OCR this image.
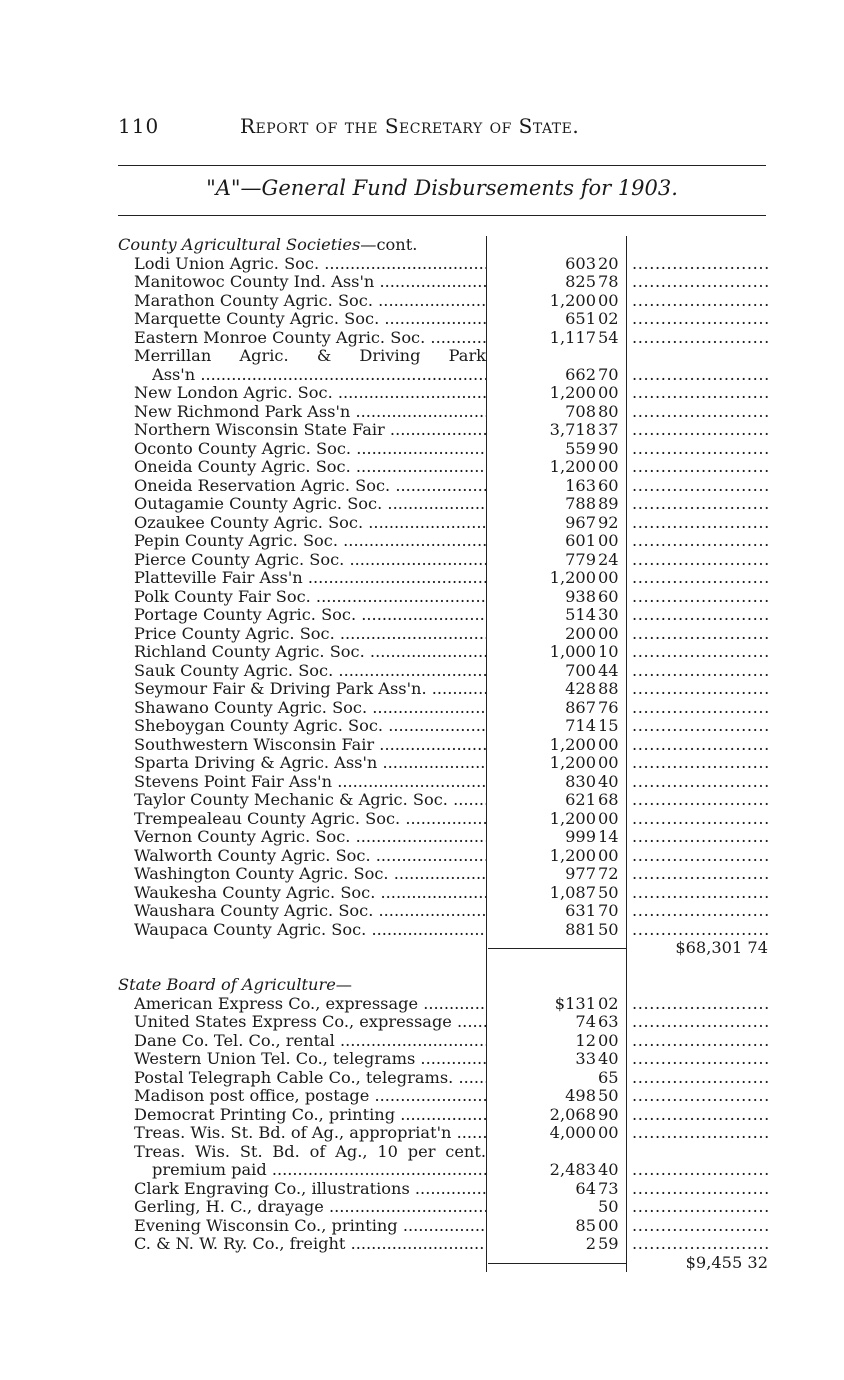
110	Report of the Secretary of State.
"A"—General Fund Disbursements for 1903.
County Agricultural Societies—cont.
Lodi Union Agric. Soc. .....	603 20
.....
Manitowoc County Ind. Ass'n .....	825 78
.....
Marathon County Agric. Soc. .....	1,200 00
.....
Marquette County Agric. Soc. .....	651 02
.....
Eastern Monroe County Agric. Soc. .....	1,117 54
.....
Merrillan Agric. & Driving Park
Ass'n .....	662 70
.....
New London Agric. Soc. .....	1,200 00
.....
New Richmond Park Ass'n .....	708 80
.....
Northern Wisconsin State Fair .....	3,718 37
.....
Oconto County Agric. Soc. .....	559 90
.....
Oneida County Agric. Soc. .....	1,200 00
.....
Oneida Reservation Agric. Soc. .....	163 60
.....
Outagamie County Agric. Soc. .....	788 89
.....
Ozaukee County Agric. Soc. .....	967 92
.....
Pepin County Agric. Soc. .....	601 00
.....
Pierce County Agric. Soc. .....	779 24
.....
Platteville Fair Ass'n .....	1,200 00
.....
Polk County Fair Soc. .....	938 60
.....
Portage County Agric. Soc. .....	514 30
.....
Price County Agric. Soc. .....	200 00
.....
Richland County Agric. Soc. .....	1,000 10
.....
Sauk County Agric. Soc. .....	700 44
.....
Seymour Fair & Driving Park Ass'n. .....	428 88
.....
Shawano County Agric. Soc. .....	867 76
.....
Sheboygan County Agric. Soc. .....	714 15
.....
Southwestern Wisconsin Fair .....	1,200 00
.....
Sparta Driving & Agric. Ass'n .....	1,200 00
.....
Stevens Point Fair Ass'n .....	830 40
.....
Taylor County Mechanic & Agric. Soc. .....	621 68
.....
Trempealeau County Agric. Soc. .....	1,200 00
.....
Vernon County Agric. Soc. .....	999 14
.....
Walworth County Agric. Soc. .....	1,200 00
.....
Washington County Agric. Soc. .....	977 72
.....
Waukesha County Agric. Soc. .....	1,087 50
.....
Waushara County Agric. Soc. .....	631 70
.....
Waupaca County Agric. Soc. .....	881 50
.....
$68,301 74
State Board of Agriculture—
American Express Co., expressage .....	$131 02
.....
United States Express Co., expressage .....	74 63
.....
Dane Co. Tel. Co., rental .....	12 00
.....
Western Union Tel. Co., telegrams .....	33 40
.....
Postal Telegraph Cable Co., telegrams. .....	65
.....
Madison post office, postage .....	498 50
.....
Democrat Printing Co., printing .....	2,068 90
.....
Treas. Wis. St. Bd. of Ag., appropriat'n .....	4,000 00
.....
Treas. Wis. St. Bd. of Ag., 10 per cent.
premium paid .....	2,483 40
.....
Clark Engraving Co., illustrations .....	64 73
.....
Gerling, H. C., drayage .....	50
.....
Evening Wisconsin Co., printing .....	85 00
.....
C. & N. W. Ry. Co., freight .....	2 59
.....
$9,455 32
